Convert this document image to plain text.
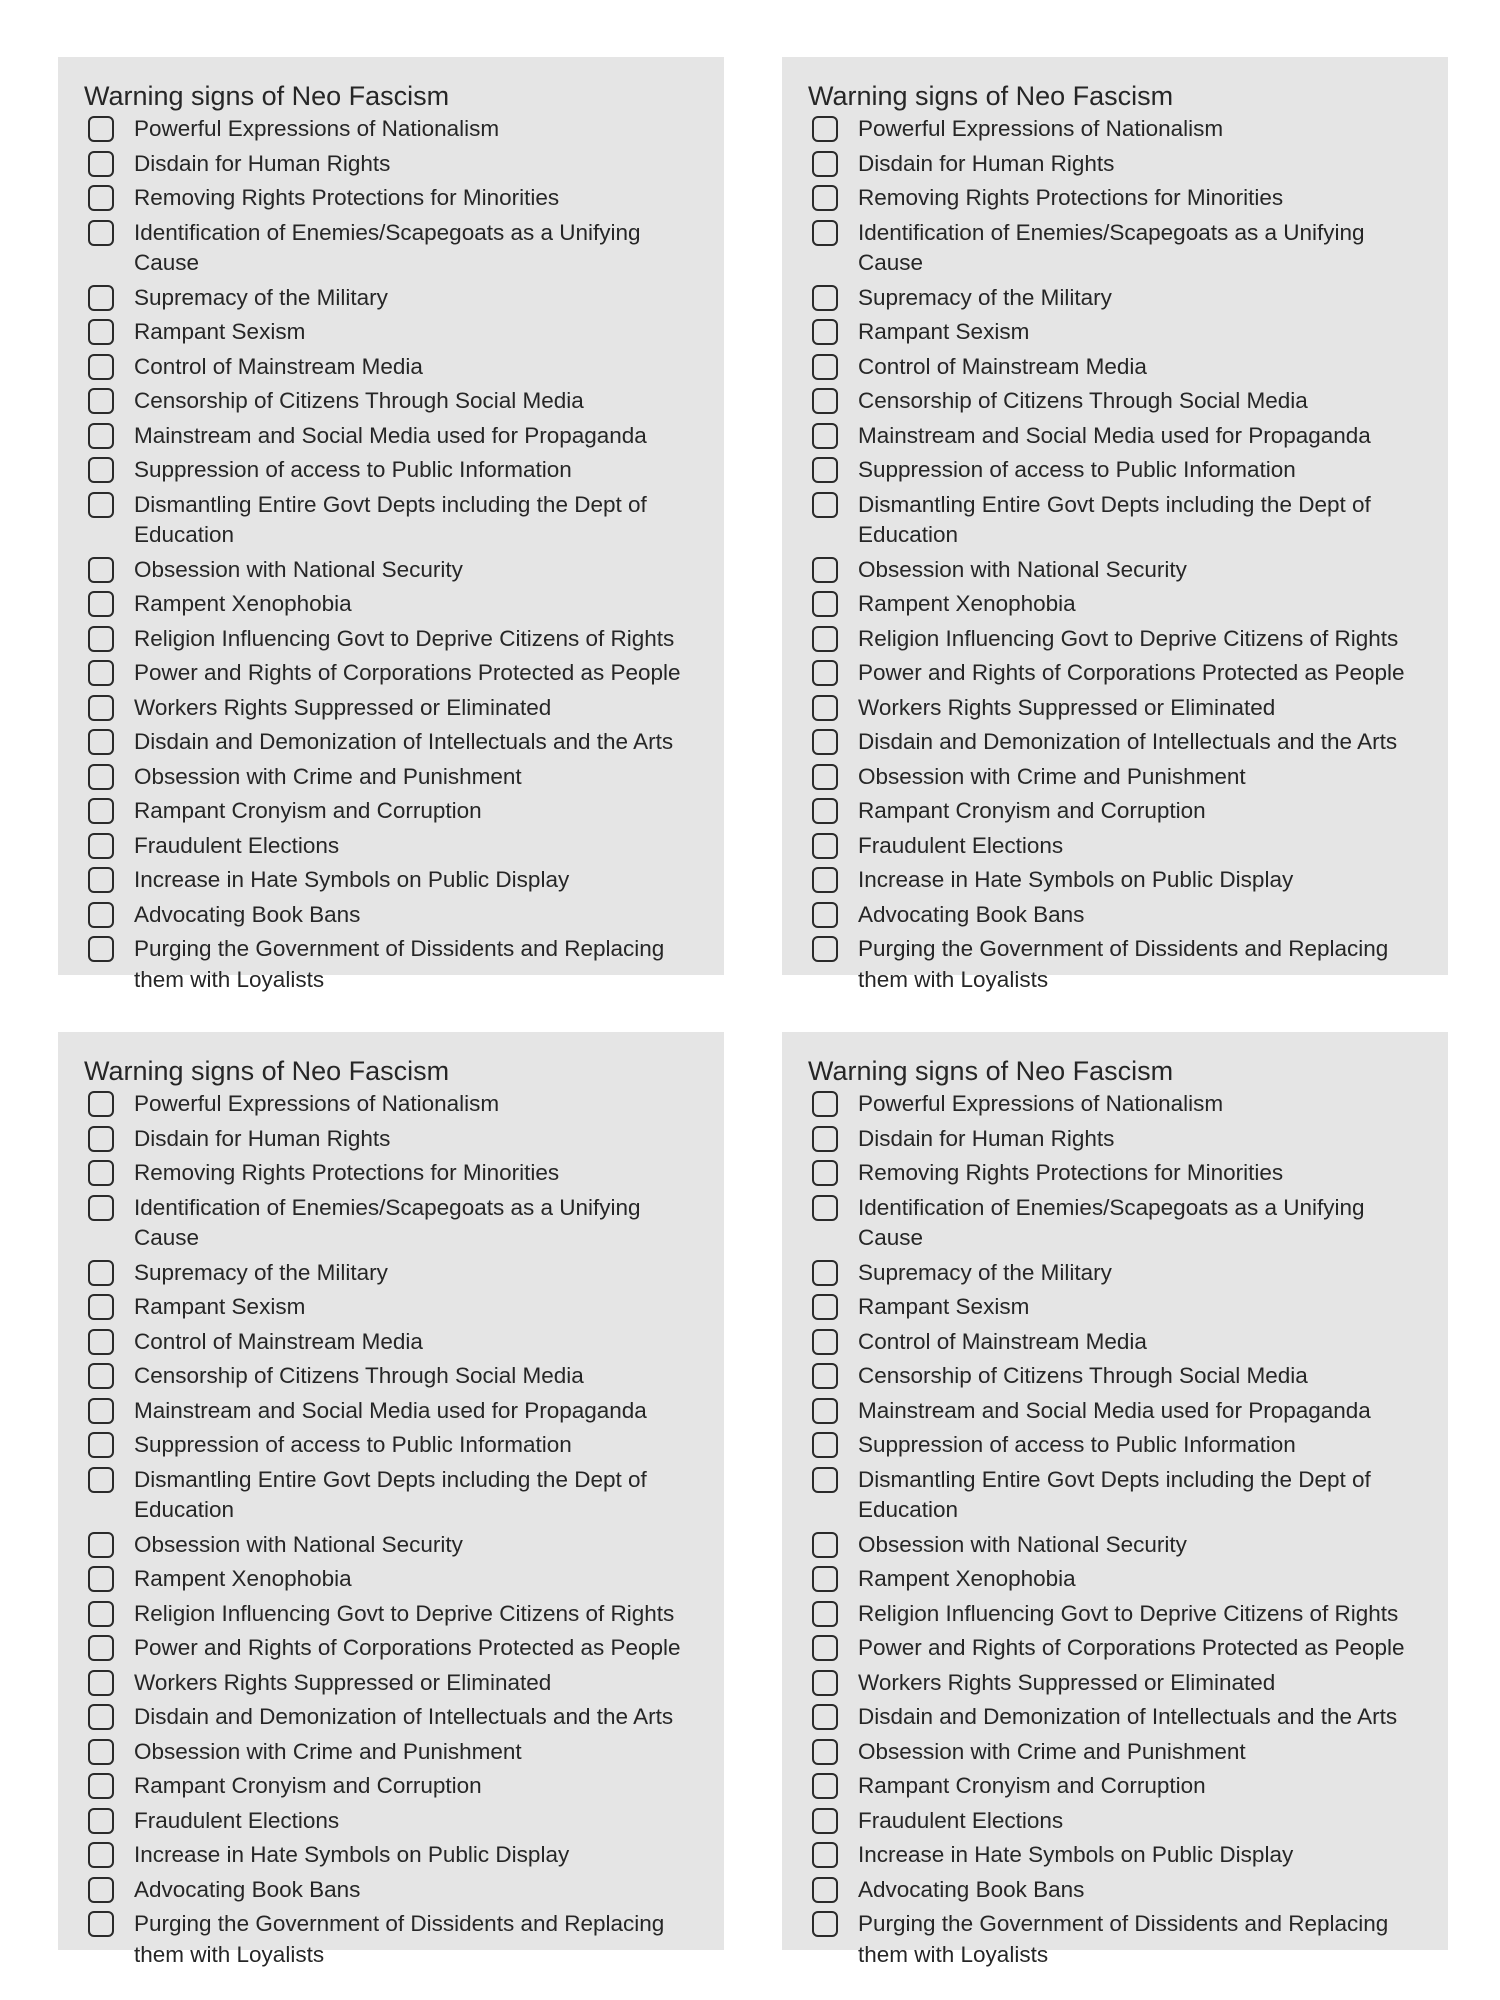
Warning signs of Neo Fascism
Powerful Expressions of Nationalism
Disdain for Human Rights
Removing Rights Protections for Minorities
Identification of Enemies/Scapegoats as a Unifying Cause
Supremacy of the Military
Rampant Sexism
Control of Mainstream Media
Censorship of Citizens Through Social Media
Mainstream and Social Media used for Propaganda
Suppression of access to Public Information
Dismantling Entire Govt Depts including the Dept of Education
Obsession with National Security
Rampent Xenophobia
Religion Influencing Govt to Deprive Citizens of Rights
Power and Rights of Corporations Protected as People
Workers Rights Suppressed or Eliminated
Disdain and Demonization of Intellectuals and the Arts
Obsession with Crime and Punishment
Rampant Cronyism and Corruption
Fraudulent Elections
Increase in Hate Symbols on Public Display
Advocating Book Bans
Purging the Government of Dissidents and Replacing them with Loyalists
Warning signs of Neo Fascism
Powerful Expressions of Nationalism
Disdain for Human Rights
Removing Rights Protections for Minorities
Identification of Enemies/Scapegoats as a Unifying Cause
Supremacy of the Military
Rampant Sexism
Control of Mainstream Media
Censorship of Citizens Through Social Media
Mainstream and Social Media used for Propaganda
Suppression of access to Public Information
Dismantling Entire Govt Depts including the Dept of Education
Obsession with National Security
Rampent Xenophobia
Religion Influencing Govt to Deprive Citizens of Rights
Power and Rights of Corporations Protected as People
Workers Rights Suppressed or Eliminated
Disdain and Demonization of Intellectuals and the Arts
Obsession with Crime and Punishment
Rampant Cronyism and Corruption
Fraudulent Elections
Increase in Hate Symbols on Public Display
Advocating Book Bans
Purging the Government of Dissidents and Replacing them with Loyalists
Warning signs of Neo Fascism
Powerful Expressions of Nationalism
Disdain for Human Rights
Removing Rights Protections for Minorities
Identification of Enemies/Scapegoats as a Unifying Cause
Supremacy of the Military
Rampant Sexism
Control of Mainstream Media
Censorship of Citizens Through Social Media
Mainstream and Social Media used for Propaganda
Suppression of access to Public Information
Dismantling Entire Govt Depts including the Dept of Education
Obsession with National Security
Rampent Xenophobia
Religion Influencing Govt to Deprive Citizens of Rights
Power and Rights of Corporations Protected as People
Workers Rights Suppressed or Eliminated
Disdain and Demonization of Intellectuals and the Arts
Obsession with Crime and Punishment
Rampant Cronyism and Corruption
Fraudulent Elections
Increase in Hate Symbols on Public Display
Advocating Book Bans
Purging the Government of Dissidents and Replacing them with Loyalists
Warning signs of Neo Fascism
Powerful Expressions of Nationalism
Disdain for Human Rights
Removing Rights Protections for Minorities
Identification of Enemies/Scapegoats as a Unifying Cause
Supremacy of the Military
Rampant Sexism
Control of Mainstream Media
Censorship of Citizens Through Social Media
Mainstream and Social Media used for Propaganda
Suppression of access to Public Information
Dismantling Entire Govt Depts including the Dept of Education
Obsession with National Security
Rampent Xenophobia
Religion Influencing Govt to Deprive Citizens of Rights
Power and Rights of Corporations Protected as People
Workers Rights Suppressed or Eliminated
Disdain and Demonization of Intellectuals and the Arts
Obsession with Crime and Punishment
Rampant Cronyism and Corruption
Fraudulent Elections
Increase in Hate Symbols on Public Display
Advocating Book Bans
Purging the Government of Dissidents and Replacing them with Loyalists
